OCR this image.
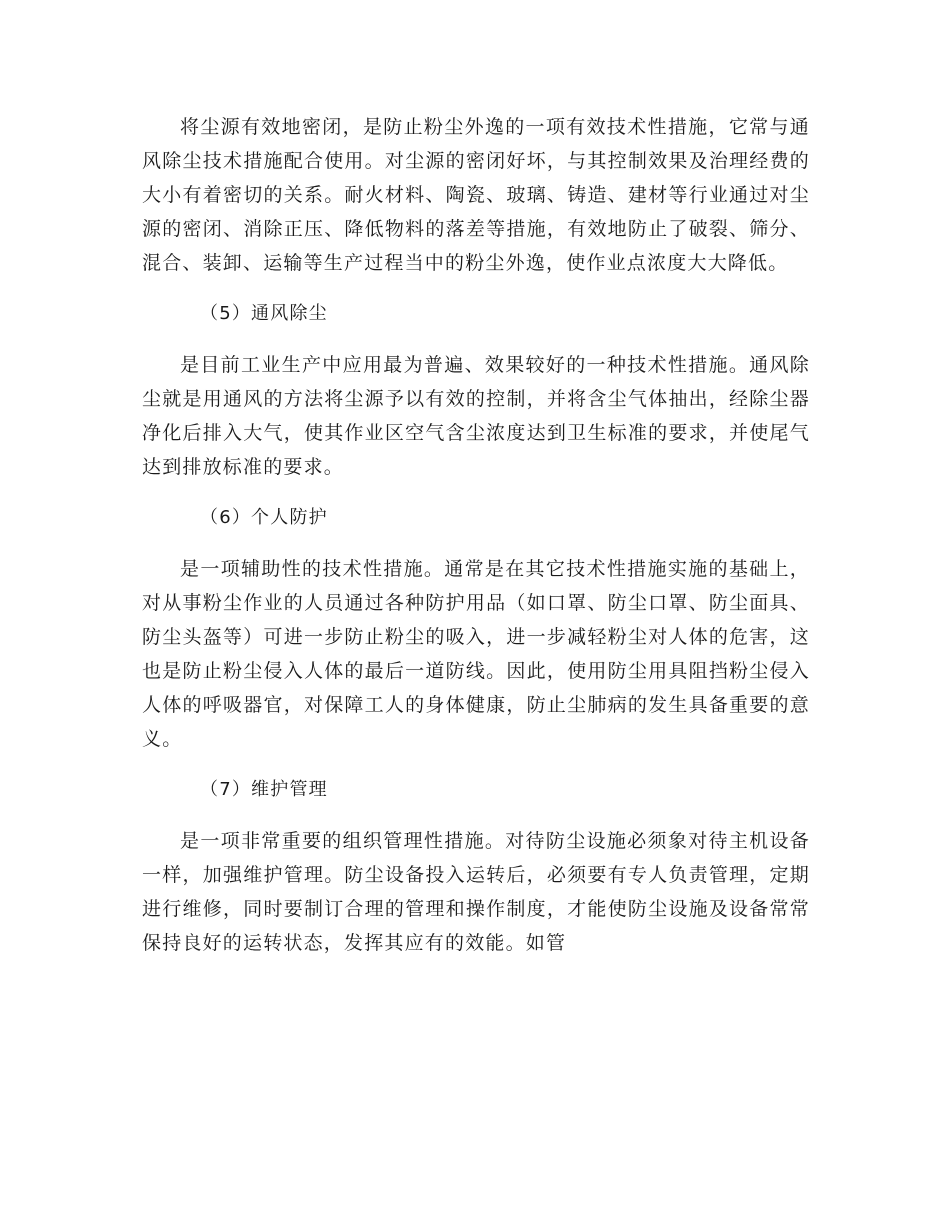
将尘源有效地密闭，是防止粉尘外逸的一项有效技术性措施，它常与通风除尘技术措施配合使用。对尘源的密闭好坏，与其控制效果及治理经费的大小有着密切的关系。耐火材料、陶瓷、玻璃、铸造、建材等行业通过对尘源的密闭、消除正压、降低物料的落差等措施，有效地防止了破裂、筛分、混合、装卸、运输等生产过程当中的粉尘外逸，使作业点浓度大大降低。

（5）通风除尘

是目前工业生产中应用最为普遍、效果较好的一种技术性措施。通风除尘就是用通风的方法将尘源予以有效的控制，并将含尘气体抽出，经除尘器净化后排入大气，使其作业区空气含尘浓度达到卫生标准的要求，并使尾气达到排放标准的要求。

（6）个人防护

是一项辅助性的技术性措施。通常是在其它技术性措施实施的基础上，对从事粉尘作业的人员通过各种防护用品（如口罩、防尘口罩、防尘面具、防尘头盔等）可进一步防止粉尘的吸入，进一步减轻粉尘对人体的危害，这也是防止粉尘侵入人体的最后一道防线。因此，使用防尘用具阻挡粉尘侵入人体的呼吸器官，对保障工人的身体健康，防止尘肺病的发生具备重要的意义。

（7）维护管理

是一项非常重要的组织管理性措施。对待防尘设施必须象对待主机设备一样，加强维护管理。防尘设备投入运转后，必须要有专人负责管理，定期进行维修，同时要制订合理的管理和操作制度，才能使防尘设施及设备常常保持良好的运转状态，发挥其应有的效能。如管
